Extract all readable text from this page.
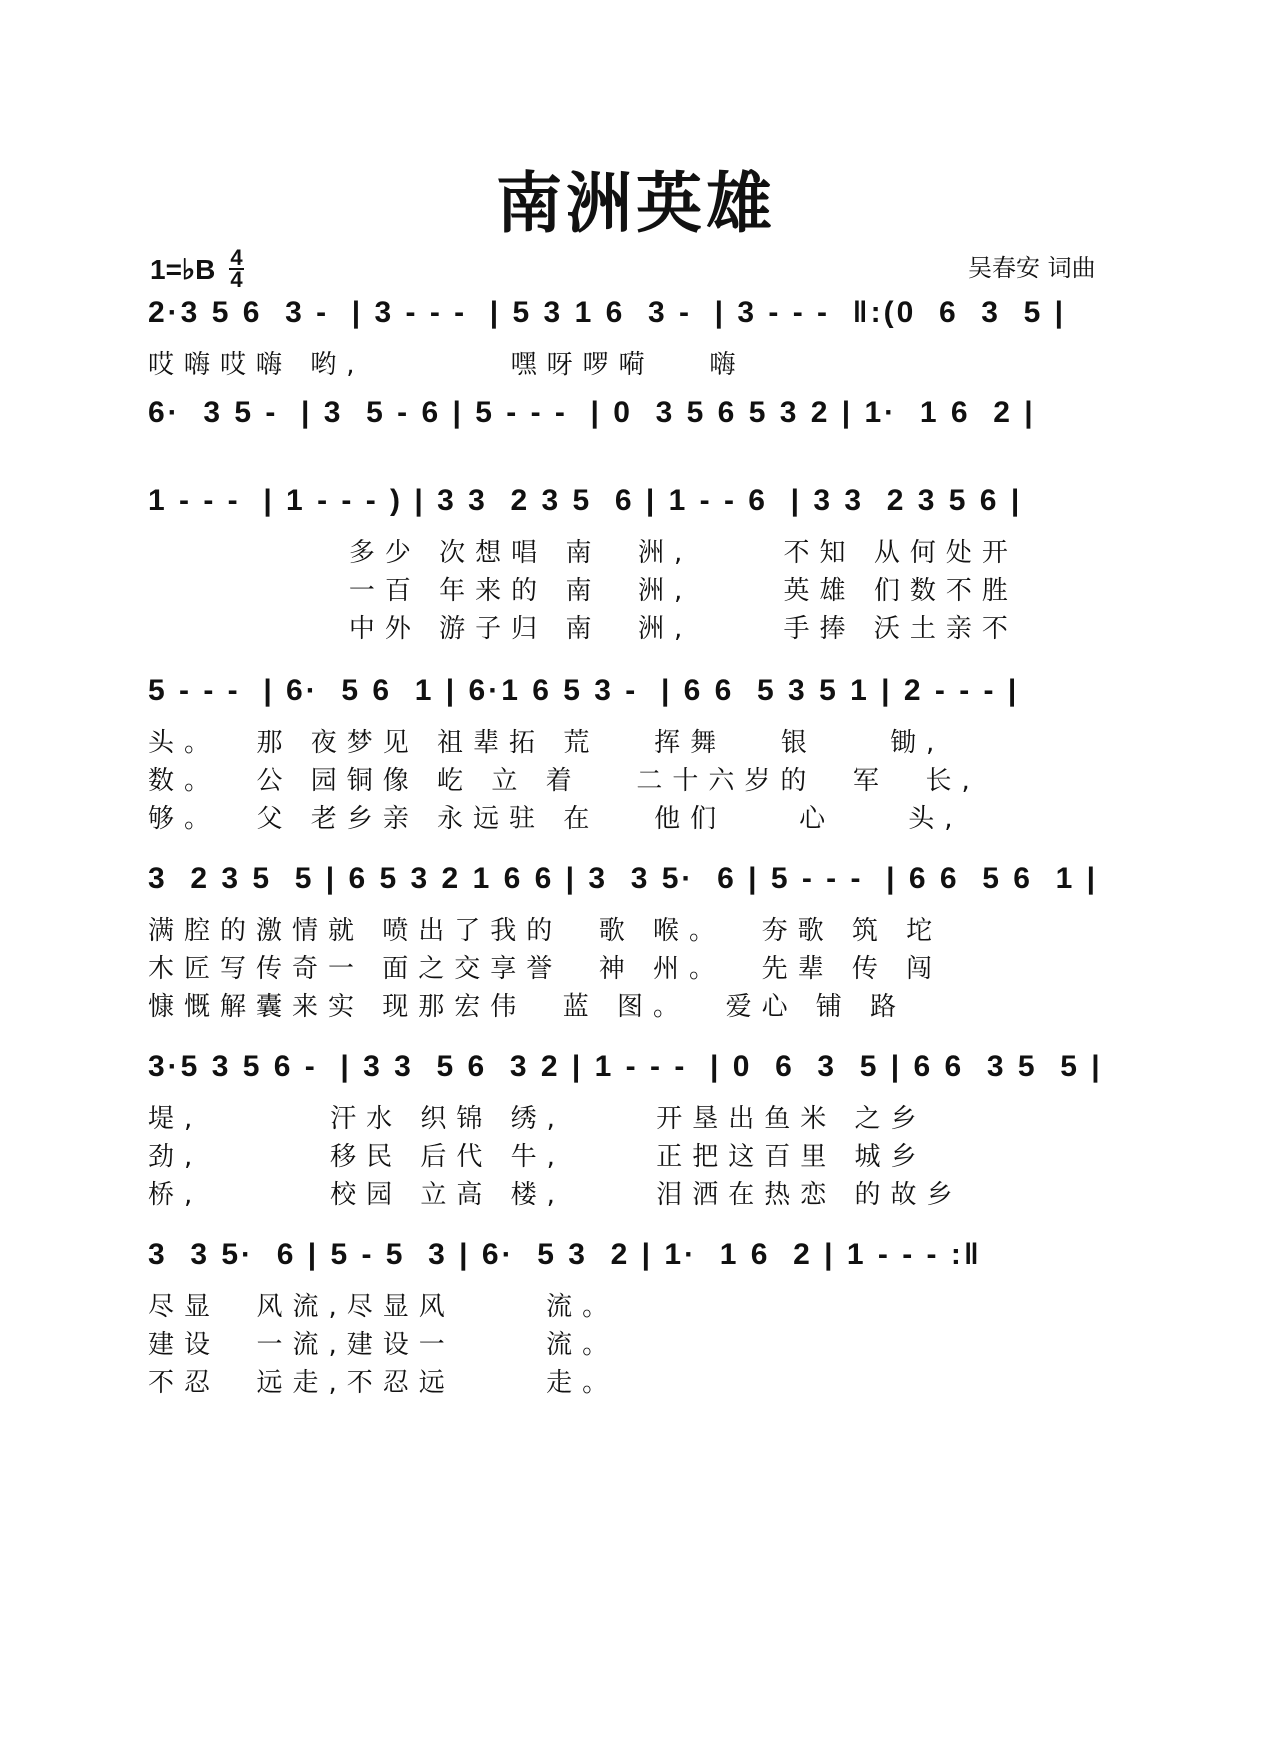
南洲英雄
1=♭B $\frac{4}{4}$	吴春安 词曲
2·3 5 6  3 -  | 3 - - -  | 5 3 1 6  3 -  | 3 - - -  ‖:(0  6  3  5 |
哎嗨哎嗨 哟,        嘿呀啰嗬   嗨
6·  3 5 -  | 3  5 - 6 | 5 - - -  | 0  3 5 6 5 3 2 | 1·  1 6  2 |
1 - - -  | 1 - - - ) | 3 3  2 3 5  6 | 1 - - 6  | 3 3  2 3 5 6 |
多少 次想唱 南  洲,     不知 从何处开
一百 年来的 南  洲,     英雄 们数不胜
中外 游子归 南  洲,     手捧 沃土亲不
5 - - -  | 6·  5 6  1 | 6·1 6 5 3 -  | 6 6  5 3 5 1 | 2 - - - |
头。  那 夜梦见 祖辈拓 荒   挥舞   银    锄,
数。  公 园铜像 屹 立 着   二十六岁的  军  长,
够。  父 老乡亲 永远驻 在   他们    心    头,
3  2 3 5  5 | 6 5 3 2 1 6 6 | 3  3 5·  6 | 5 - - -  | 6 6  5 6  1 |
满腔的激情就 喷出了我的  歌 喉。  夯歌 筑 坨
木匠写传奇一 面之交享誉  神 州。  先辈 传 闯
慷慨解囊来实 现那宏伟  蓝 图。  爱心 铺 路
3·5 3 5 6 -  | 3 3  5 6  3 2 | 1 - - -  | 0  6  3  5 | 6 6  3 5  5 |
堤,       汗水 织锦 绣,     开垦出鱼米 之乡
劲,       移民 后代 牛,     正把这百里 城乡
桥,       校园 立高 楼,     泪洒在热恋 的故乡
3  3 5·  6 | 5 - 5  3 | 6·  5 3  2 | 1·  1 6  2 | 1 - - - :‖
尽显  风流,尽显风     流。
建设  一流,建设一     流。
不忍  远走,不忍远     走。
